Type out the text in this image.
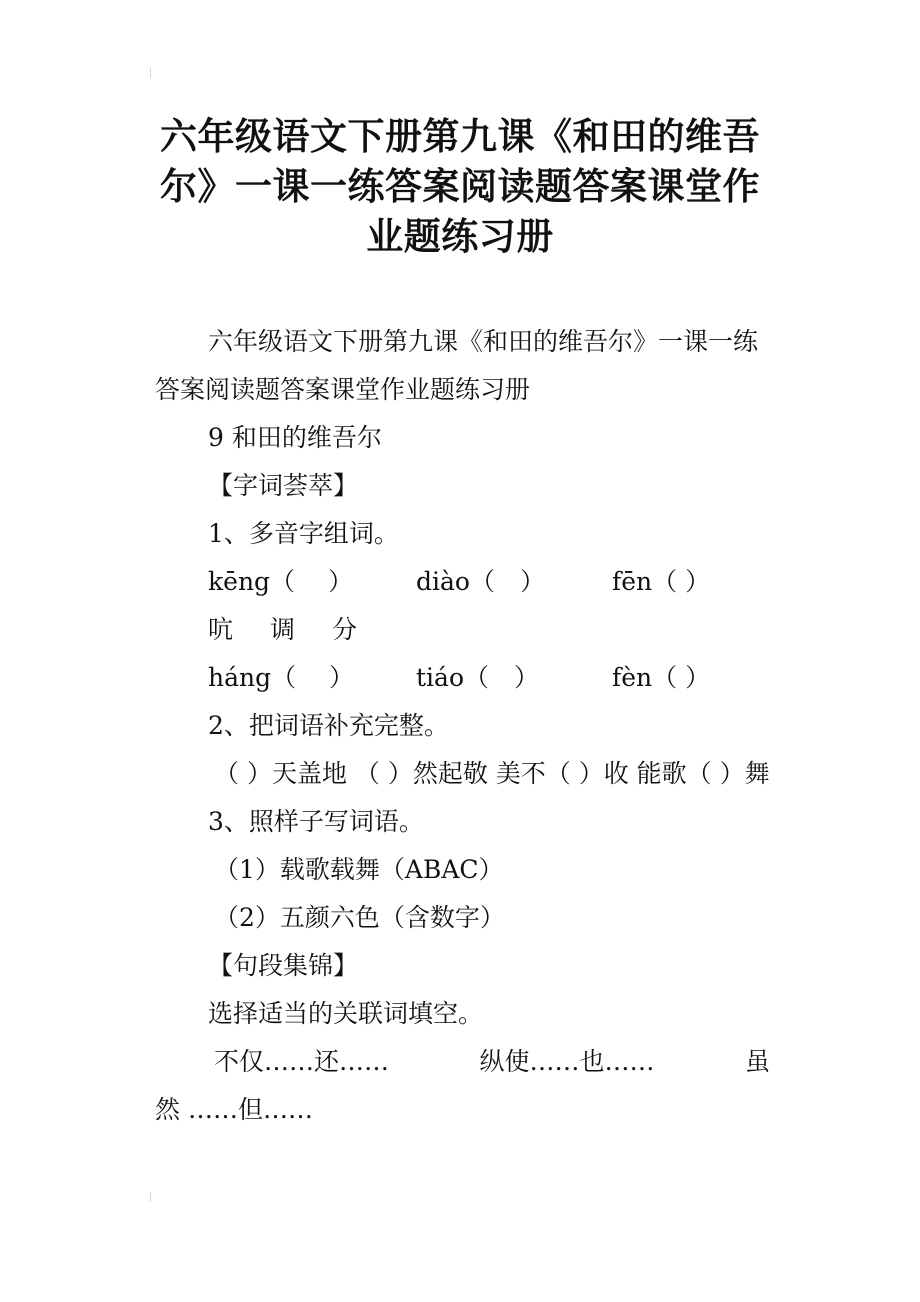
六年级语文下册第九课《和田的维吾尔》一课一练答案阅读题答案课堂作业题练习册

六年级语文下册第九课《和田的维吾尔》一课一练答案阅读题答案课堂作业题练习册

9 和田的维吾尔

【字词荟萃】

1、多音字组词。

kēng（　 ）	diào（　）	fēn（ ）
吭	调	分
háng（　 ）	tiáo（　）	fèn（ ）

2、把词语补充完整。

（ ）天盖地 （ ）然起敬 美不（ ）收 能歌（ ）舞

3、照样子写词语。

（1）载歌载舞（ABAC）

（2）五颜六色（含数字）

【句段集锦】

选择适当的关联词填空。

不仅……还……	纵使……也……	虽

然 ……但……
